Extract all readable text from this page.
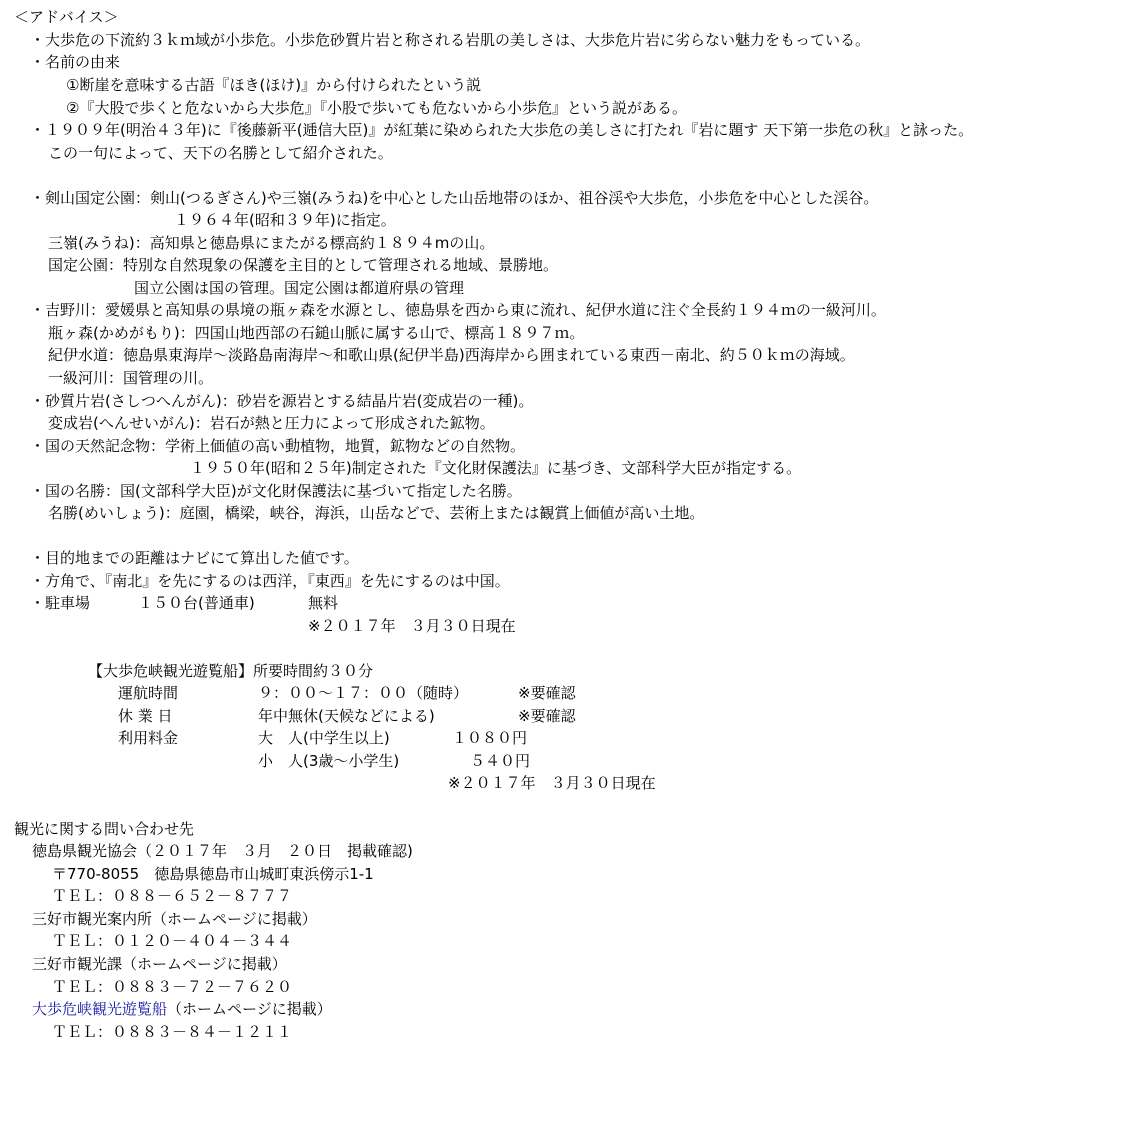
＜アドバイス＞
・大歩危の下流約３ｋｍ域が小歩危。小歩危砂質片岩と称される岩肌の美しさは、大歩危片岩に劣らない魅力をもっている。
・名前の由来
①断崖を意味する古語『ほき(ほけ)』から付けられたという説
②『大股で歩くと危ないから大歩危』『小股で歩いても危ないから小歩危』という説がある。
・１９０９年(明治４３年)に『後藤新平(逓信大臣)』が紅葉に染められた大歩危の美しさに打たれ『岩に題す 天下第一歩危の秋』と詠った。
この一句によって、天下の名勝として紹介された。
・剣山国定公園：剣山(つるぎさん)や三嶺(みうね)を中心とした山岳地帯のほか、祖谷渓や大歩危，小歩危を中心とした渓谷。
１９６４年(昭和３９年)に指定。
三嶺(みうね)：高知県と徳島県にまたがる標高約１８９４mの山。
国定公園：特別な自然現象の保護を主目的として管理される地域、景勝地。
国立公園は国の管理。国定公園は都道府県の管理
・吉野川：愛媛県と高知県の県境の瓶ヶ森を水源とし、徳島県を西から東に流れ、紀伊水道に注ぐ全長約１９４ｍの一級河川。
瓶ヶ森(かめがもり)：四国山地西部の石鎚山脈に属する山で、標高１８９７ｍ。
紀伊水道：徳島県東海岸～淡路島南海岸～和歌山県(紀伊半島)西海岸から囲まれている東西－南北、約５０ｋｍの海域。
一級河川：国管理の川。
・砂質片岩(さしつへんがん)：砂岩を源岩とする結晶片岩(変成岩の一種)。
変成岩(へんせいがん)：岩石が熱と圧力によって形成された鉱物。
・国の天然記念物：学術上価値の高い動植物，地質，鉱物などの自然物。
１９５０年(昭和２５年)制定された『文化財保護法』に基づき、文部科学大臣が指定する。
・国の名勝：国(文部科学大臣)が文化財保護法に基づいて指定した名勝。
名勝(めいしょう)：庭園，橋梁，峡谷，海浜，山岳などで、芸術上または観賞上価値が高い土地。
・目的地までの距離はナビにて算出した値です。
・方角で、『南北』を先にするのは西洋，『東西』を先にするのは中国。
・駐車場	１５０台(普通車)	無料
※２０１７年　３月３０日現在
【大歩危峡観光遊覧船】所要時間約３０分
運航時間	９：００～１７：００（随時）	※要確認
休 業 日	年中無休(天候などによる)	※要確認
利用料金	大　人(中学生以上)	１０８０円
小　人(3歳～小学生)	５４０円
※２０１７年　３月３０日現在
観光に関する問い合わせ先
徳島県観光協会（２０１７年　３月　２０日　掲載確認)
〒770-8055　徳島県徳島市山城町東浜傍示1-1
ＴＥＬ：０８８－６５２－８７７７
三好市観光案内所（ホームページに掲載）
ＴＥＬ：０１２０－４０４－３４４
三好市観光課（ホームページに掲載）
ＴＥＬ：０８８３－７２－７６２０
大歩危峡観光遊覧船（ホームページに掲載）
ＴＥＬ：０８８３－８４－１２１１
